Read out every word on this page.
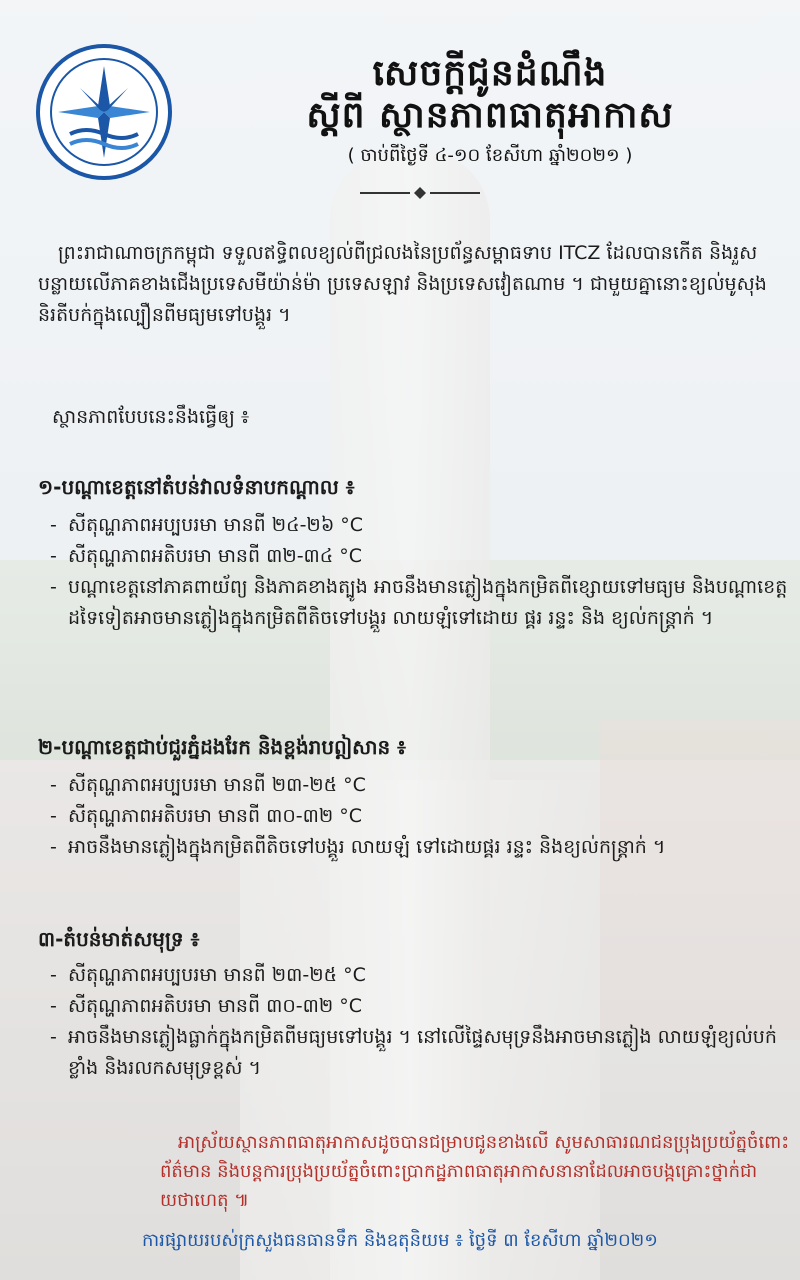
សេចក្តីជូនដំណឹង
ស្តីពី ស្ថានភាពធាតុអាកាស
( ចាប់ពីថ្ងៃទី ៤-១០ ខែសីហា ឆ្នាំ២០២១ )
ព្រះរាជាណាចក្រកម្ពុជា ទទួលឥទ្ធិពលខ្យល់ពីជ្រលងនៃប្រព័ន្ធសម្ពាធទាប ITCZ ដែលបានកើត និងរួសបន្លាយលើភាគខាងជើងប្រទេសមីយ៉ាន់ម៉ា ប្រទេសឡាវ និងប្រទេសវៀតណាម ។ ជាមួយគ្នានោះខ្យល់មូសុងនិរតីបក់ក្នុងល្បឿនពីមធ្យមទៅបង្គួរ ។
ស្ថានភាពបែបនេះនឹងធ្វើឲ្យ ៖
១-បណ្តាខេត្តនៅតំបន់វាលទំនាបកណ្តាល ៖
- សីតុណ្ហភាពអប្បបរមា មានពី ២៤-២៦ °C
- សីតុណ្ហភាពអតិបរមា មានពី ៣២-៣៤ °C
- បណ្តាខេត្តនៅភាគពាយ័ព្យ និងភាគខាងត្បូង អាចនឹងមានភ្លៀងក្នុងកម្រិតពីខ្សោយទៅមធ្យម និងបណ្តាខេត្តដទៃទៀតអាចមានភ្លៀងក្នុងកម្រិតពីតិចទៅបង្គួរ លាយឡំទៅដោយ ផ្គរ រន្ទះ និង ខ្យល់កន្ត្រាក់ ។
២-បណ្តាខេត្តជាប់ជួរភ្នំដងរែក និងខ្ពង់រាបឦសាន ៖
- សីតុណ្ហភាពអប្បបរមា មានពី ២៣-២៥ °C
- សីតុណ្ហភាពអតិបរមា មានពី ៣០-៣២ °C
- អាចនឹងមានភ្លៀងក្នុងកម្រិតពីតិចទៅបង្គួរ លាយឡំ ទៅដោយផ្គរ រន្ទះ និងខ្យល់កន្ត្រាក់ ។
៣-តំបន់មាត់សមុទ្រ ៖
- សីតុណ្ហភាពអប្បបរមា មានពី ២៣-២៥ °C
- សីតុណ្ហភាពអតិបរមា មានពី ៣០-៣២ °C
- អាចនឹងមានភ្លៀងធ្លាក់ក្នុងកម្រិតពីមធ្យមទៅបង្គួរ ។ នៅលើផ្ទៃសមុទ្រនឹងអាចមានភ្លៀង លាយឡំខ្យល់បក់ខ្លាំង និងរលកសមុទ្រខ្ពស់ ។
អាស្រ័យស្ថានភាពធាតុអាកាសដូចបានជម្រាបជូនខាងលើ សូមសាធារណជនប្រុងប្រយ័ត្នចំពោះព័ត៌មាន និងបន្តការប្រុងប្រយ័ត្នចំពោះប្រាកដ្ឋភាពធាតុអាកាសនានាដែលអាចបង្កគ្រោះថ្នាក់ជាយថាហេតុ ៕
ការផ្សាយរបស់ក្រសួងធនធានទឹក និងឧតុនិយម ៖ ថ្ងៃទី ៣ ខែសីហា ឆ្នាំ២០២១
